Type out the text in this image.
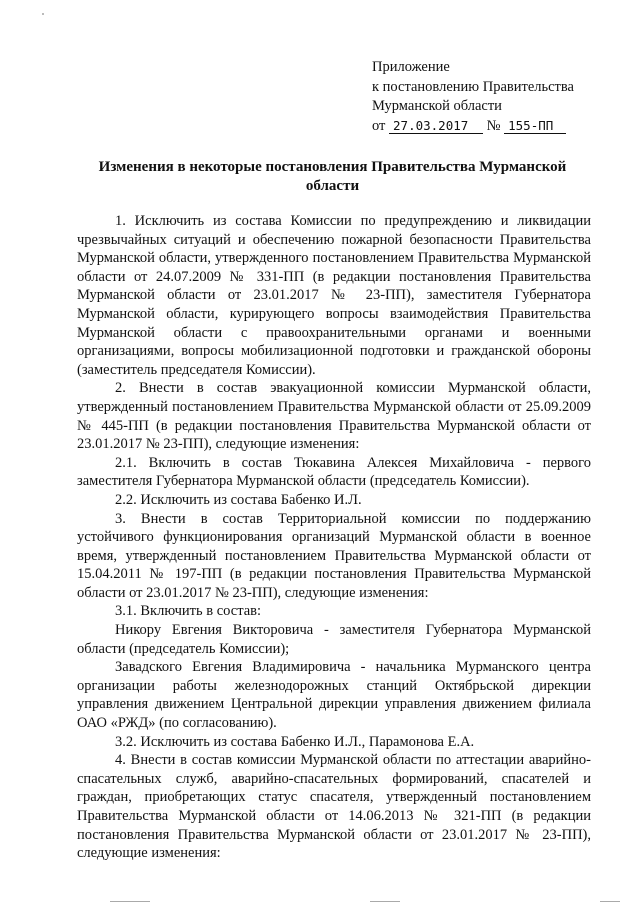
Приложение
к постановлению Правительства
Мурманской области
от 27.03.2017 № 155-ПП
Изменения в некоторые постановления Правительства Мурманской области

1. Исключить из состава Комиссии по предупреждению и ликвидации чрезвычайных ситуаций и обеспечению пожарной безопасности Правительства Мурманской области, утвержденного постановлением Правительства Мурманской области от 24.07.2009 № 331-ПП (в редакции постановления Правительства Мурманской области от 23.01.2017 № 23-ПП), заместителя Губернатора Мурманской области, курирующего вопросы взаимодействия Правительства Мурманской области с правоохранительными органами и военными организациями, вопросы мобилизационной подготовки и гражданской обороны (заместитель председателя Комиссии).

2. Внести в состав эвакуационной комиссии Мурманской области, утвержденный постановлением Правительства Мурманской области от 25.09.2009 № 445-ПП (в редакции постановления Правительства Мурманской области от 23.01.2017 № 23-ПП), следующие изменения:

2.1. Включить в состав Тюкавина Алексея Михайловича - первого заместителя Губернатора Мурманской области (председатель Комиссии).

2.2. Исключить из состава Бабенко И.Л.

3. Внести в состав Территориальной комиссии по поддержанию устойчивого функционирования организаций Мурманской области в военное время, утвержденный постановлением Правительства Мурманской области от 15.04.2011 № 197-ПП (в редакции постановления Правительства Мурманской области от 23.01.2017 № 23-ПП), следующие изменения:

3.1. Включить в состав:

Никору Евгения Викторовича - заместителя Губернатора Мурманской области (председатель Комиссии);

Завадского Евгения Владимировича - начальника Мурманского центра организации работы железнодорожных станций Октябрьской дирекции управления движением Центральной дирекции управления движением филиала ОАО «РЖД» (по согласованию).

3.2. Исключить из состава Бабенко И.Л., Парамонова Е.А.

4. Внести в состав комиссии Мурманской области по аттестации аварийно-спасательных служб, аварийно-спасательных формирований, спасателей и граждан, приобретающих статус спасателя, утвержденный постановлением Правительства Мурманской области от 14.06.2013 № 321-ПП (в редакции постановления Правительства Мурманской области от 23.01.2017 № 23-ПП), следующие изменения:
